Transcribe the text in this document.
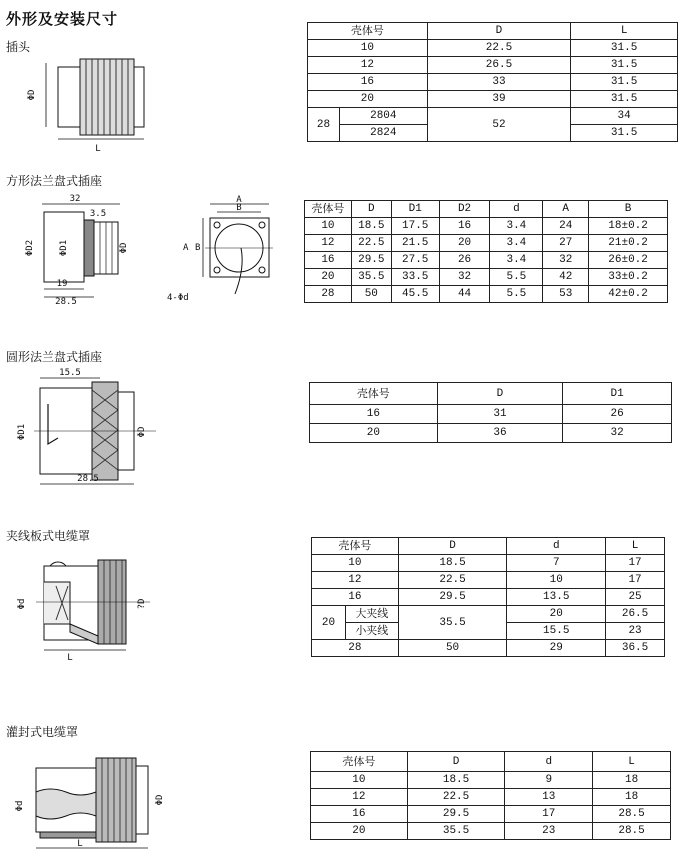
外形及安装尺寸
插头
方形法兰盘式插座
圆形法兰盘式插座
夹线板式电缆罩
灌封式电缆罩
ΦD
L
壳体号		D	L
10		22.5	31.5
12		26.5	31.5
16		33	31.5
20		39	31.5
28	2804	52	34
	2824		31.5
32
3.5
ΦD2	ΦD1	ΦD
19
28.5
A
B
A B
4-Φd
壳体号	D	D1	D2	d	A	B
10	18.5	17.5	16	3.4	24	18±0.2
12	22.5	21.5	20	3.4	27	21±0.2
16	29.5	27.5	26	3.4	32	26±0.2
20	35.5	33.5	32	5.5	42	33±0.2
28	50	45.5	44	5.5	53	42±0.2
15.5
ΦD1	ΦD
28.5
壳体号	D	D1
16	31	26
20	36	32
Φd	?D
L
壳体号		D	d	L
10		18.5	7	17
12		22.5	10	17
16		29.5	13.5	25
20	大夹线	35.5	20	26.5
	小夹线		15.5	23
28		50	29	36.5
Φd
ΦD
L
壳体号	D	d	L
10	18.5	9	18
12	22.5	13	18
16	29.5	17	28.5
20	35.5	23	28.5
